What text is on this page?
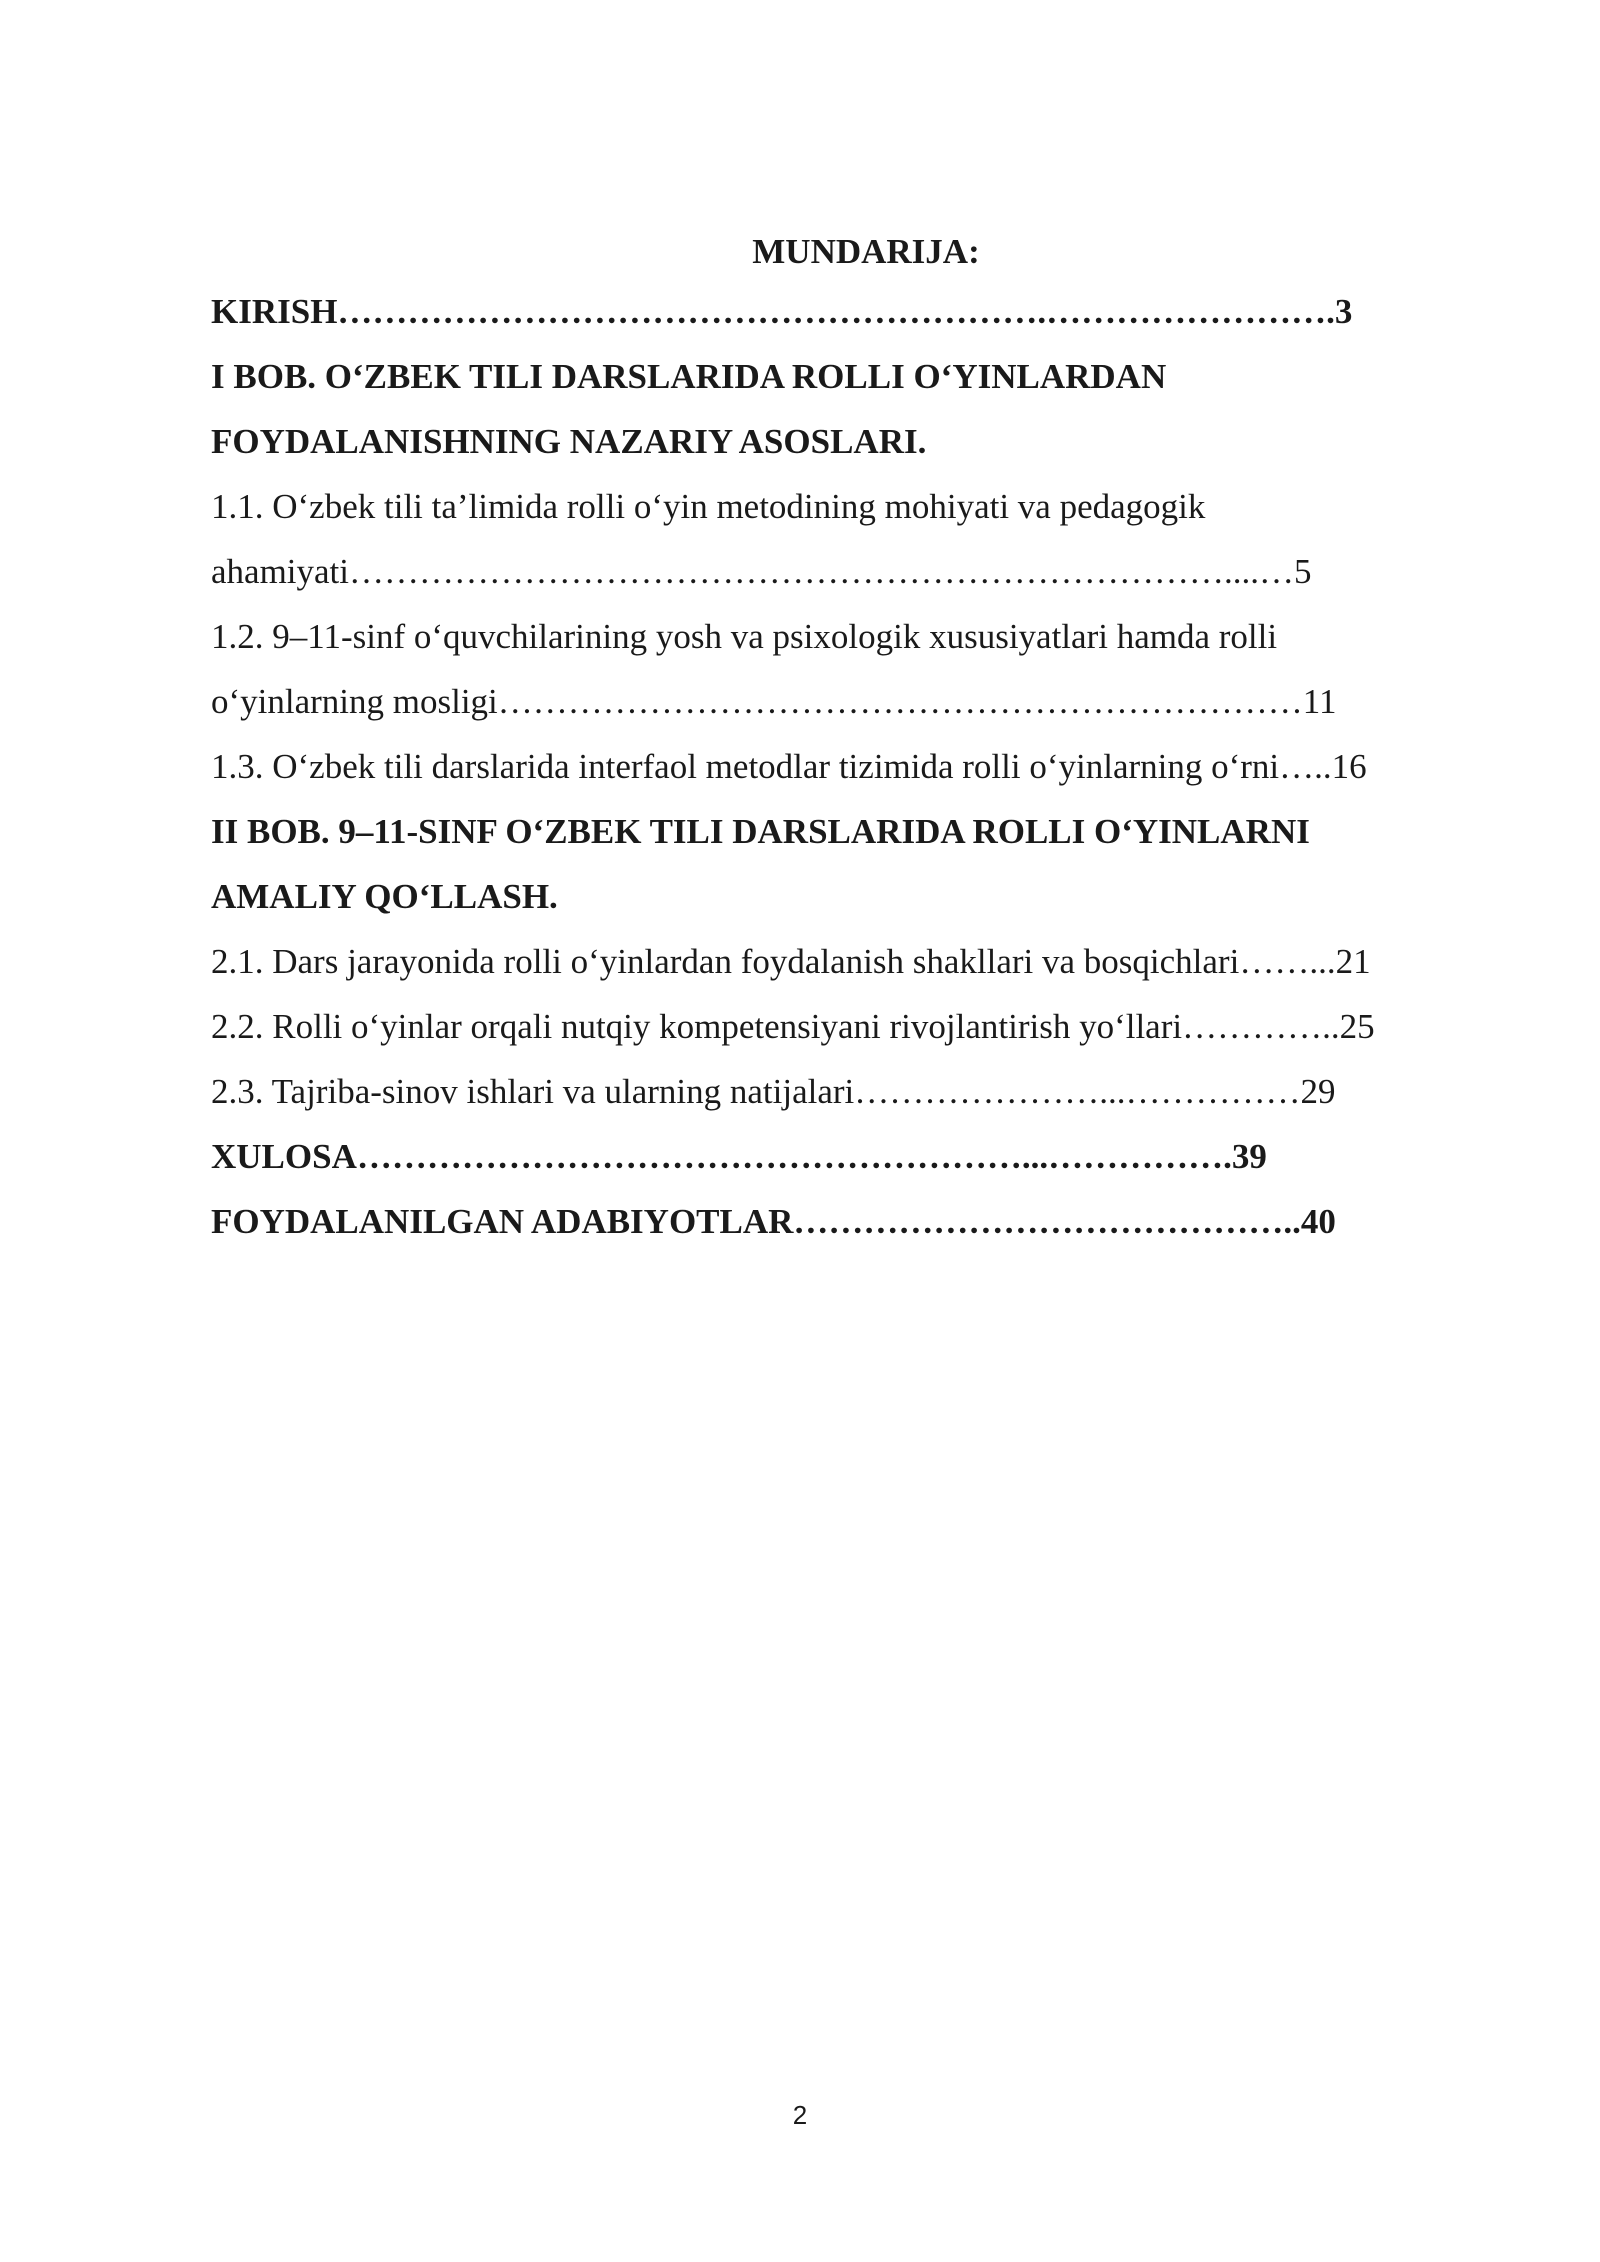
MUNDARIJA:
KIRISH…………………………………………………….…………………….3
I BOB. O‘ZBEK TILI DARSLARIDA ROLLI O‘YINLARDAN
FOYDALANISHNING NAZARIY ASOSLARI.
1.1. O‘zbek tili ta’limida rolli o‘yin metodining mohiyati va pedagogik
ahamiyati…………………………………………………………………....…5
1.2. 9–11-sinf o‘quvchilarining yosh va psixologik xususiyatlari hamda rolli
o‘yinlarning mosligi……………………………………………………………11
1.3. O‘zbek tili darslarida interfaol metodlar tizimida rolli o‘yinlarning o‘rni…..16
II BOB. 9–11-SINF O‘ZBEK TILI DARSLARIDA ROLLI O‘YINLARNI
AMALIY QO‘LLASH.
2.1. Dars jarayonida rolli o‘yinlardan foydalanish shakllari va bosqichlari……...21
2.2. Rolli o‘yinlar orqali nutqiy kompetensiyani rivojlantirish yo‘llari…………..25
2.3. Tajriba-sinov ishlari va ularning natijalari…………………...……………29
XULOSA…………………………………………………...…………….39
FOYDALANILGAN ADABIYOTLAR……………………………………..40
2
